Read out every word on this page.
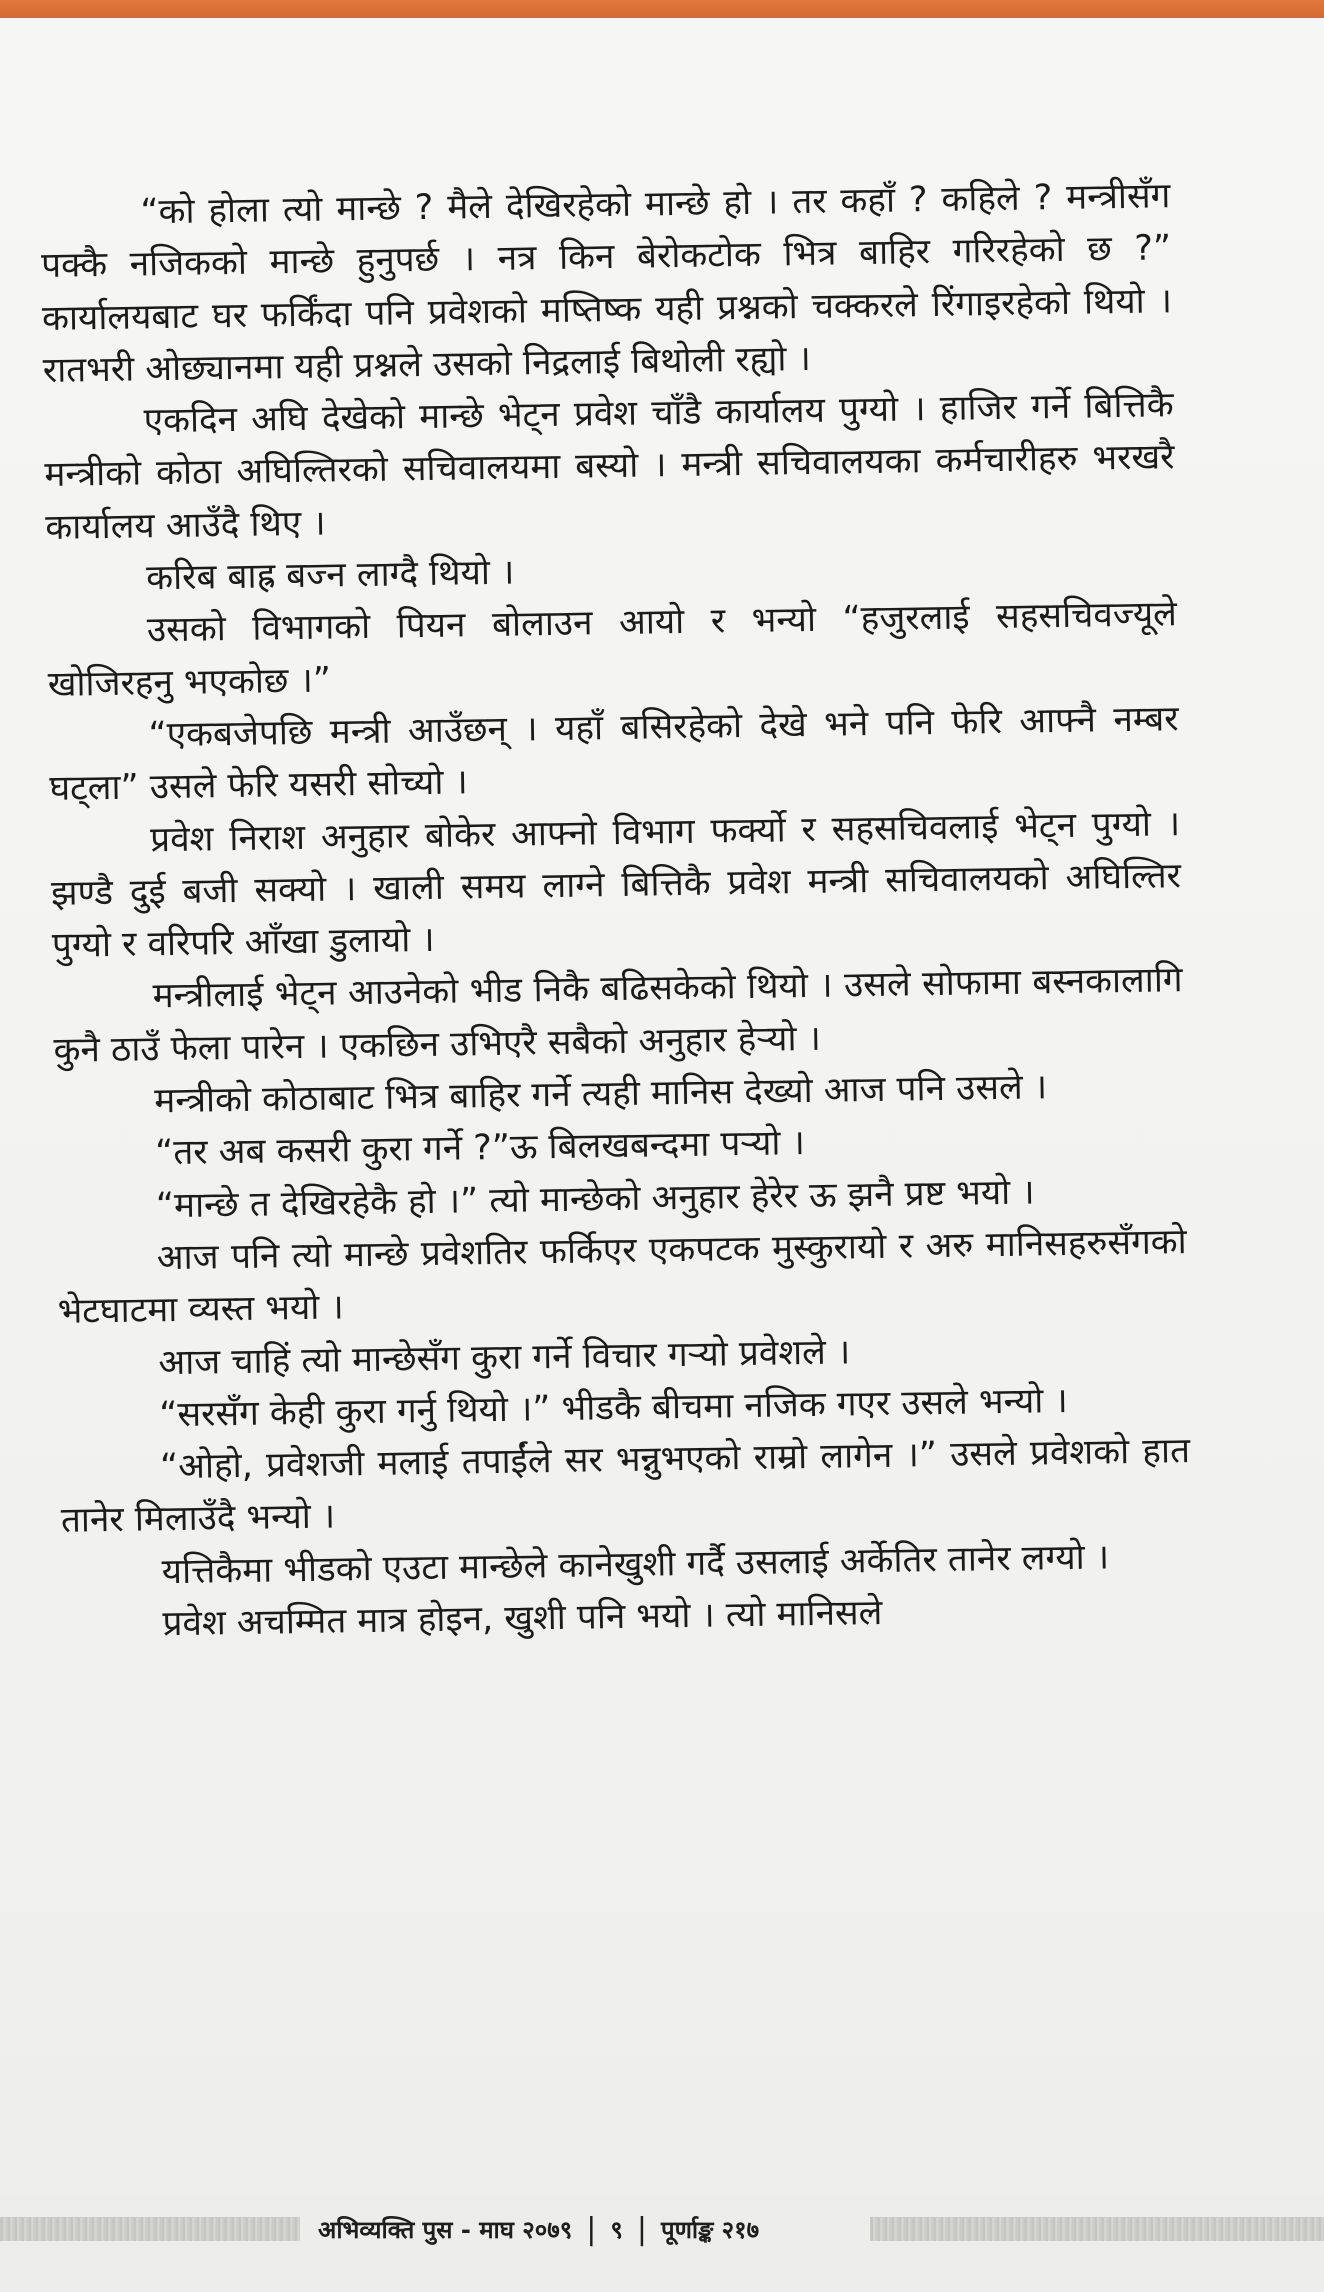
“को होला त्यो मान्छे ? मैले देखिरहेको मान्छे हो । तर कहाँ ? कहिले ? मन्त्रीसँग पक्कै नजिकको मान्छे हुनुपर्छ । नत्र किन बेरोकटोक भित्र बाहिर गरिरहेको छ ?” कार्यालयबाट घर फर्किंदा पनि प्रवेशको मष्तिष्क यही प्रश्नको चक्करले रिंगाइरहेको थियो । रातभरी ओछ्यानमा यही प्रश्नले उसको निद्रलाई बिथोली रह्यो ।

एकदिन अघि देखेको मान्छे भेट्न प्रवेश चाँडै कार्यालय पुग्यो । हाजिर गर्ने बित्तिकै मन्त्रीको कोठा अघिल्तिरको सचिवालयमा बस्यो । मन्त्री सचिवालयका कर्मचारीहरु भरखरै कार्यालय आउँदै थिए ।

करिब बाह्र बज्न लाग्दै थियो ।

उसको विभागको पियन बोलाउन आयो र भन्यो “हजुरलाई सहसचिवज्यूले खोजिरहनु भएकोछ ।”

“एकबजेपछि मन्त्री आउँछन् । यहाँ बसिरहेको देखे भने पनि फेरि आफ्नै नम्बर घट्ला” उसले फेरि यसरी सोच्यो ।

प्रवेश निराश अनुहार बोकेर आफ्नो विभाग फर्क्यो र सहसचिवलाई भेट्न पुग्यो । झण्डै दुई बजी सक्यो । खाली समय लाग्ने बित्तिकै प्रवेश मन्त्री सचिवालयको अघिल्तिर पुग्यो र वरिपरि आँखा डुलायो ।

मन्त्रीलाई भेट्न आउनेको भीड निकै बढिसकेको थियो । उसले सोफामा बस्नकालागि कुनै ठाउँ फेला पारेन । एकछिन उभिएरै सबैको अनुहार हेर्‍यो ।

मन्त्रीको कोठाबाट भित्र बाहिर गर्ने त्यही मानिस देख्यो आज पनि उसले ।

“तर अब कसरी कुरा गर्ने ?”ऊ बिलखबन्दमा पर्‍यो ।

“मान्छे त देखिरहेकै हो ।” त्यो मान्छेको अनुहार हेरेर ऊ झनै प्रष्ट भयो ।

आज पनि त्यो मान्छे प्रवेशतिर फर्किएर एकपटक मुस्कुरायो र अरु मानिसहरुसँगको भेटघाटमा व्यस्त भयो ।

आज चाहिं त्यो मान्छेसँग कुरा गर्ने विचार गर्‍यो प्रवेशले ।

“सरसँग केही कुरा गर्नु थियो ।” भीडकै बीचमा नजिक गएर उसले भन्यो ।

“ओहो, प्रवेशजी मलाई तपाईंले सर भन्नुभएको राम्रो लागेन ।” उसले प्रवेशको हात तानेर मिलाउँदै भन्यो ।

यत्तिकैमा भीडको एउटा मान्छेले कानेखुशी गर्दै उसलाई अर्केतिर तानेर लग्यो ।

प्रवेश अचम्मित मात्र होइन, खुशी पनि भयो । त्यो मानिसले

अभिव्यक्ति पुस - माघ २०७९ | ९ | पूर्णाङ्क २१७
